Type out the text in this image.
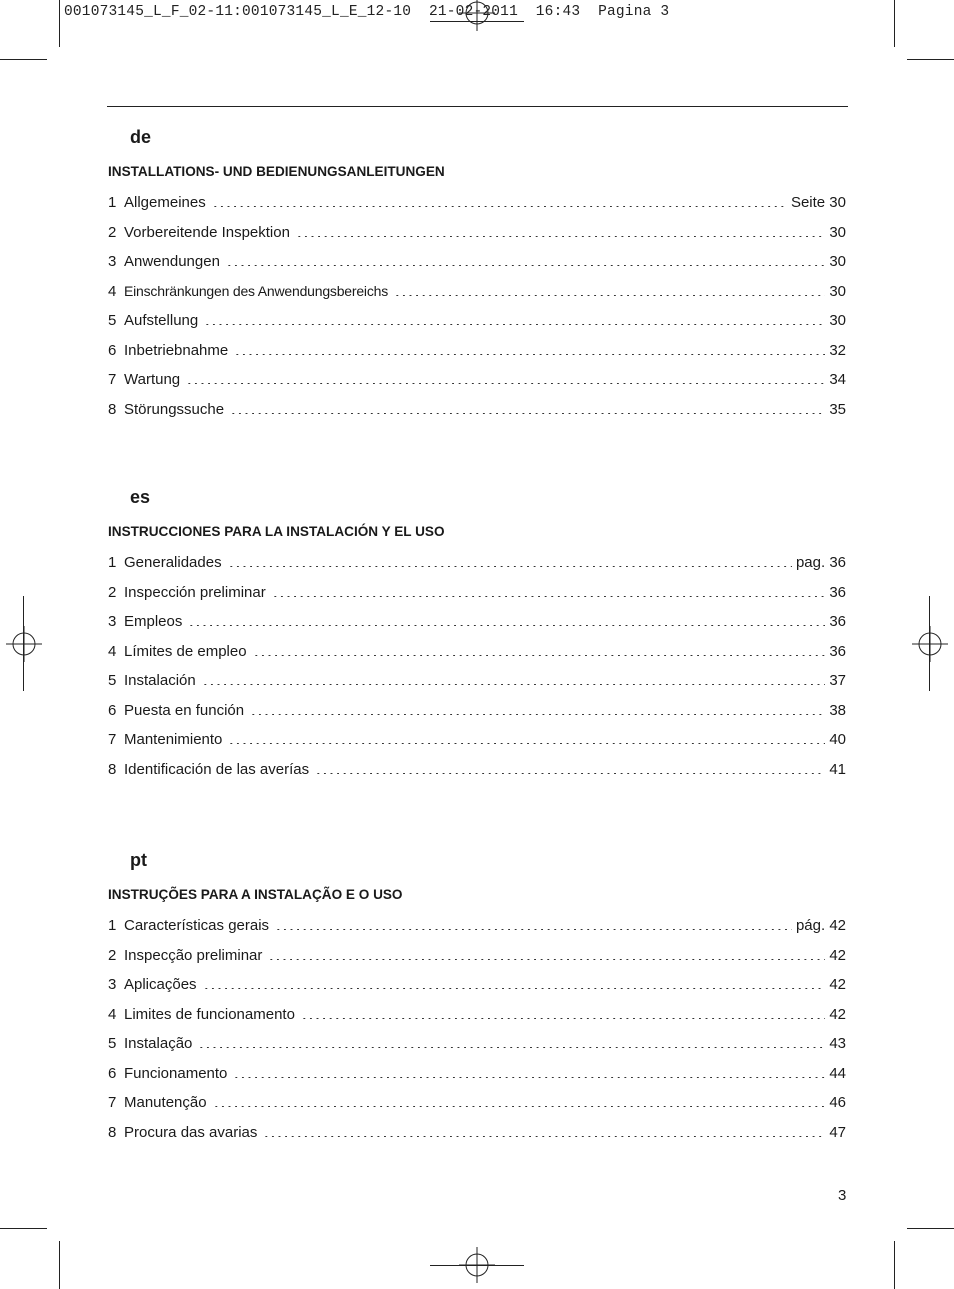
001073145_L_F_02-11:001073145_L_E_12-10  21-02-2011  16:43  Pagina 3
de
INSTALLATIONS- UND BEDIENUNGSANLEITUNGEN
1 Allgemeines	Seite 30
2 Vorbereitende Inspektion	30
3 Anwendungen	30
4 Einschränkungen des Anwendungsbereichs	30
5 Aufstellung	30
6 Inbetriebnahme	32
7 Wartung	34
8 Störungssuche	35
es
INSTRUCCIONES PARA LA INSTALACIÓN Y EL USO
1 Generalidades	pag. 36
2 Inspección preliminar	36
3 Empleos	36
4 Límites de empleo	36
5 Instalación	37
6 Puesta en función	38
7 Mantenimiento	40
8 Identificación de las averías	41
pt
INSTRUÇÕES PARA A INSTALAÇÃO E O USO
1 Características gerais	pág. 42
2 Inspecção preliminar	42
3 Aplicações	42
4 Limites de funcionamento	42
5 Instalação	43
6 Funcionamento	44
7 Manutenção	46
8 Procura das avarias	47
3
